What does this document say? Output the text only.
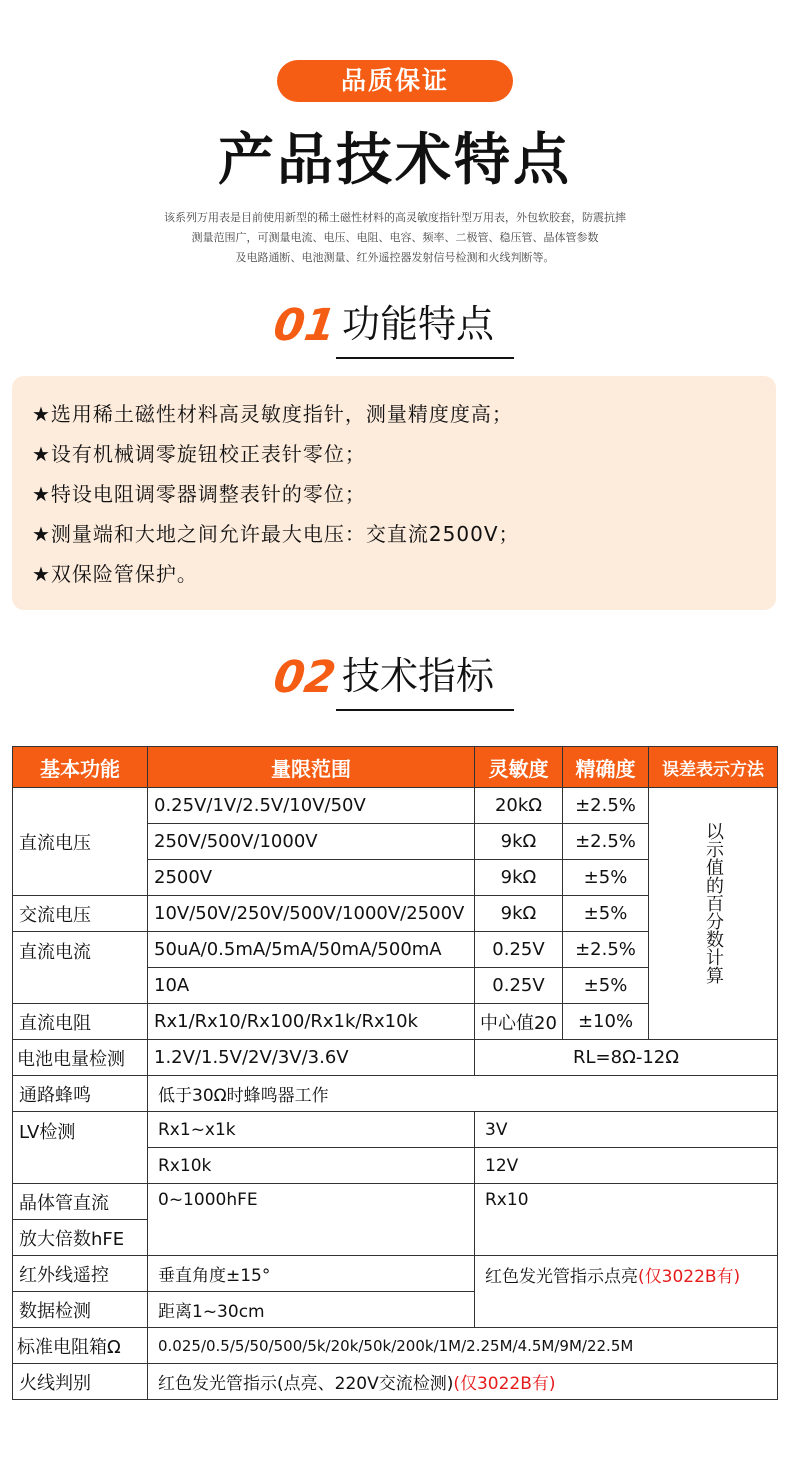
品质保证
产品技术特点
该系列万用表是目前使用新型的稀土磁性材料的高灵敏度指针型万用表，外包软胶套，防震抗摔
测量范围广，可测量电流、电压、电阻、电容、频率、二极管、稳压管、晶体管参数
及电路通断、电池测量、红外遥控器发射信号检测和火线判断等。
01 功能特点
★选用稀土磁性材料高灵敏度指针，测量精度度高；
★设有机械调零旋钮校正表针零位；
★特设电阻调零器调整表针的零位；
★测量端和大地之间允许最大电压：交直流2500V；
★双保险管保护。
02 技术指标
基本功能	量限范围	灵敏度	精确度	误差表示方法
直流电压	0.25V/1V/2.5V/10V/50V	20kΩ	±2.5%	以示值的百分数计算
	250V/500V/1000V	9kΩ	±2.5%	
	2500V	9kΩ	±5%	
交流电压	10V/50V/250V/500V/1000V/2500V	9kΩ	±5%	
直流电流	50uA/0.5mA/5mA/50mA/500mA	0.25V	±2.5%	
	10A	0.25V	±5%	
直流电阻	Rx1/Rx10/Rx100/Rx1k/Rx10k	中心值20	±10%	
电池电量检测	1.2V/1.5V/2V/3V/3.6V	RL=8Ω-12Ω		
通路蜂鸣	低于30Ω时蜂鸣器工作			
LV检测	Rx1~x1k	3V		
	Rx10k	12V		
晶体管直流	0~1000hFE	Rx10		
放大倍数hFE				
红外线遥控	垂直角度±15°	红色发光管指示点亮(仅3022B有)		
数据检测	距离1~30cm			
标准电阻箱Ω	0.025/0.5/5/50/500/5k/20k/50k/200k/1M/2.25M/4.5M/9M/22.5M			
火线判别	红色发光管指示(点亮、220V交流检测)(仅3022B有)			
